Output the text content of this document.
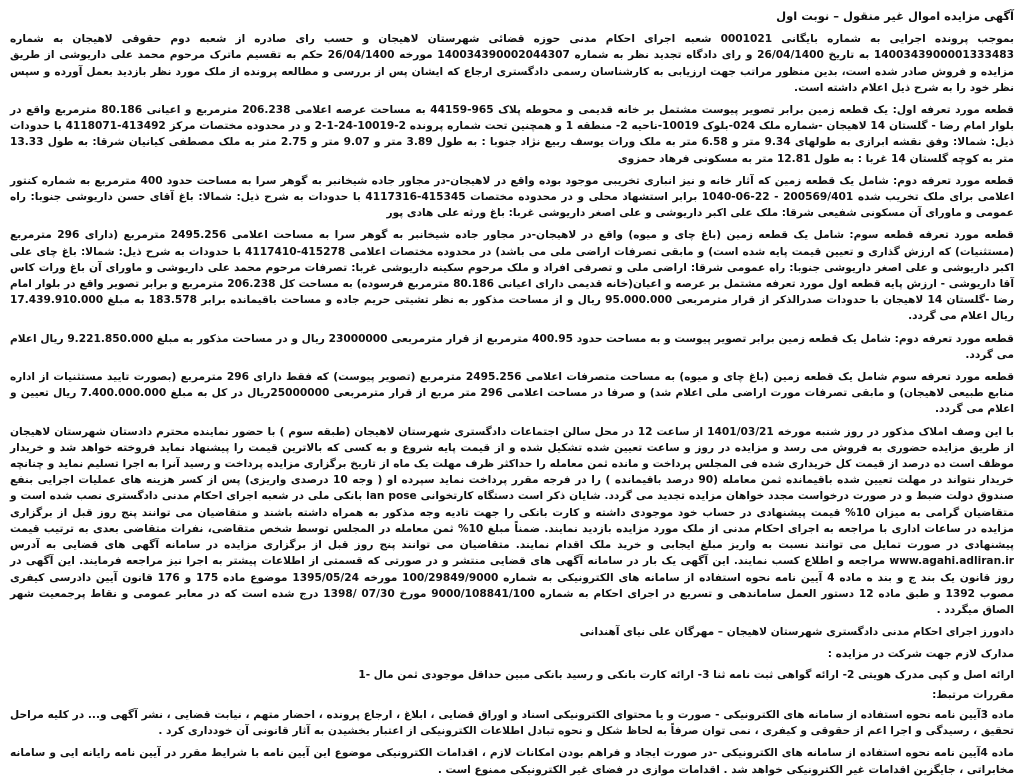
آگهی مزایده اموال غیر منقول – نوبت اول

بموجب پرونده اجرایی به شماره بایگانی 0001021 شعبه اجرای احکام مدنی حوزه قضائی شهرستان لاهیجان و حسب رای صادره از شعبه دوم حقوقی لاهیجان به شماره 1400343900001333483 به تاریخ 26/04/1400 و رای دادگاه تجدید نظر به شماره 140034390002044307 مورخه 26/04/1400 حکم به تقسیم ماترک مرحوم محمد علی داریوشی از طریق مزایده و فروش صادر شده است، بدین منظور مراتب جهت ارزیابی به کارشناسان رسمی دادگستری ارجاع که ایشان پس از بررسی و مطالعه پرونده از ملک مورد نظر بازدید بعمل آورده و سپس نظر خود را به شرح ذیل اعلام داشته است.

قطعه مورد تعرفه اول: یک قطعه زمین برابر تصویر پیوست مشتمل بر خانه قدیمی و محوطه پلاک 965-44159 به مساحت عرصه اعلامی 206.238 مترمربع و اعیانی 80.186 مترمربع واقع در بلوار امام رضا - گلستان 14 لاهیجان -شماره ملک 024-بلوک 10019-ناحیه 2- منطقه 1 و همچنین تحت شماره پرونده 2-10019-24-1-2 و در محدوده مختصات مرکز 413492-4118071 با حدودات ذیل: شمالا: وفق نقشه ابرازی به طولهای 9.34 متر و 6.58 متر به ملک ورات یوسف ربیع نژاد جنوبا : به طول 3.89 متر و 9.07 متر و 2.75 متر به ملک مصطفی کیانیان شرقا: به طول 13.33 متر به کوچه گلستان 14 غربا : به طول 12.81 متر به مسکونی فرهاد حمزوی

قطعه مورد تعرفه دوم: شامل یک قطعه زمین که آثار خانه و نیز انباری تخریبی موجود بوده واقع در لاهیجان-در مجاور جاده شیخانبر به گوهر سرا به مساحت حدود 400 مترمربع به شماره کنتور اعلامی برای ملک تخریب شده 200569/401 - 22-06-1040 برابر استشهاد محلی و در محدوده مختصات 415345-4117316 با حدودات به شرح ذیل: شمالا: باغ آقای حسن داریوشی جنوبا: راه عمومی و ماورای آن مسکونی شفیعی شرقا: ملک علی اکبر داریوشی و علی اصغر داریوشی غربا: باغ ورثه علی هادی پور

قطعه مورد تعرفه قطعه سوم: شامل یک قطعه زمین (باغ چای و میوه) واقع در لاهیجان-در مجاور جاده شیخانبر به گوهر سرا به مساحت اعلامی 2495.256 مترمربع (دارای 296 مترمربع (مستثنیات) که ارزش گذاری و تعیین قیمت پایه شده است) و مابقی تصرفات اراضی ملی می باشد) در محدوده مختصات اعلامی 415278-4117410 با حدودات به شرح ذیل: شمالا: باغ چای علی اکبر داریوشی و علی اصغر داریوشی جنوبا: راه عمومی شرقا: اراضی ملی و تصرفی افراد و ملک مرحوم سکینه داریوشی غربا: تصرفات مرحوم محمد علی داریوشی و ماورای آن باغ ورات کاس آقا داریوشی - ارزش پایه قطعه اول مورد تعرفه مشتمل بر عرصه و اعیان(خانه قدیمی دارای اعیانی 80.186 مترمربع فرسوده) به مساحت کل 206.238 مترمربع و برابر تصویر واقع در بلوار امام رضا -گلستان 14 لاهیجان با حدودات صدرالذکر از قرار مترمربعی 95.000.000 ریال و از مساحت مذکور به نظر تشیتی حریم جاده و مساحت باقیمانده برابر 183.578 به مبلغ 17.439.910.000 ریال اعلام می گردد.

قطعه مورد تعرفه دوم: شامل یک قطعه زمین برابر تصویر پیوست و به مساحت حدود 400.95 مترمربع از قرار مترمربعی 23000000 ریال و در مساحت مذکور به مبلغ 9.221.850.000 ریال اعلام می گردد.

قطعه مورد تعرفه سوم شامل یک قطعه زمین (باغ چای و میوه) به مساحت متصرفات اعلامی 2495.256 مترمربع (تصویر پیوست) که فقط دارای 296 مترمربع (بصورت تایید مستثنیات از اداره منابع طبیعی لاهیجان) و مابقی تصرفات مورت اراضی ملی اعلام شد) و صرفا در مساحت اعلامی 296 متر مربع از قرار مترمربعی 25000000ریال در کل به مبلغ 7.400.000.000 ریال تعیین و اعلام می گردد.

با این وصف املاک مذکور در روز شنبه مورخه 1401/03/21 از ساعت 12 در محل سالن اجتماعات دادگستری شهرستان لاهیجان (طبقه سوم ) با حضور نماینده محترم دادستان شهرستان لاهیجان از طریق مزایده حضوری به فروش می رسد و مزایده در روز و ساعت تعیین شده تشکیل شده و از قیمت پایه شروع و به کسی که بالاترین قیمت را پیشنهاد نماید فروخته خواهد شد و خریدار موظف است ده درصد از قیمت کل خریداری شده فی المجلس پرداخت و مانده ثمن معامله را حداکثر ظرف مهلت یک ماه از تاریخ برگزاری مزایده پرداخت و رسید آنرا به اجرا تسلیم نماید و چنانچه خریدار نتواند در مهلت تعیین شده باقیمانده ثمن معامله (90 درصد باقیمانده ) را در فرجه مقرر پرداخت نماید سپرده او ( وجه 10 درصدی واریزی) پس از کسر هزینه های عملیات اجرایی بنفع صندوق دولت ضبط و در صورت درخواست مجدد خواهان مزایده تجدید می گردد. شایان ذکر است دستگاه کارتخوانی lan pose بانکی ملی در شعبه اجرای احکام مدنی دادگستری نصب شده است و متقاضیان گرامی به میزان 10% قیمت پیشنهادی در حساب خود موجودی داشته و کارت بانکی را جهت تادیه وجه مذکور به همراه داشته باشند و متقاضیان می توانند پنج روز قبل از برگزاری مزایده در ساعات اداری با مراجعه به اجرای احکام مدنی از ملک مورد مزایده بازدید نمایند. ضمناً مبلغ 10% ثمن معامله در المجلس توسط شخص متقاضی، نفرات متقاضی بعدی به ترتیب قیمت پیشنهادی در صورت تمایل می توانند نسبت به واریز مبلغ ایجابی و خرید ملک اقدام نمایند. متقاضیان می توانند پنج روز قبل از برگزاری مزایده در سامانه آگهی های قضایی به آدرس www.agahi.adliran.ir مراجعه و اطلاع کسب نمایند. این آگهی یک بار در سامانه آگهی های قضایی منتشر و در صورتی که قسمتی از اطلاعات پیشتر به اجرا نیز مراجعه فرمایند. این آگهی در روز قانون یک بند ج و بند ه ماده 4 آیین نامه نحوه استفاده از سامانه های الکترونیکی به شماره 100/29849/9000 مورخه 1395/05/24 موضوع ماده 175 و 176 قانون آیین دادرسی کیفری مصوب 1392 و طبق ماده 12 دستور العمل ساماندهی و تسریع در اجرای احکام به شماره 9000/108841/100 مورخ 07/30 /1398 درج شده است که در معابر عمومی و نقاط پرجمعیت شهر الصاق میگردد .

دادورز اجرای احکام مدنی دادگستری شهرستان لاهیجان – مهرگان علی نیای آهندانی
مدارک لازم جهت شرکت در مزایده :
ارائه اصل و کپی مدرک هویتی 2- ارائه گواهی ثبت نامه ثنا 3- ارائه کارت بانکی و رسید بانکی مبین حداقل موجودی ثمن مال -1
مقررات مرتبط:

ماده 3آیین نامه نحوه استفاده از سامانه های الکترونیکی - صورت و یا محتوای الکترونیکی اسناد و اوراق قضایی ، ابلاغ ، ارجاع پرونده ، احضار متهم ، نیابت قضایی ، نشر آگهی و... در کلیه مراحل تحقیق ، رسیدگی و اجرا اعم از حقوقی و کیفری ، نمی توان صرفاً به لحاظ شکل و نحوه تبادل اطلاعات الکترونیکی از اعتبار بخشیدن به آثار قانونی آن خودداری کرد .

ماده 4آیین نامه نحوه استفاده از سامانه های الکترونیکی -در صورت ایجاد و فراهم بودن امکانات لازم ، اقدامات الکترونیکی موضوع این آیین نامه با شرایط مقرر در آیین نامه رایانه ایی و سامانه مخابراتی ، جایگزین اقدامات غیر الکترونیکی خواهد شد . اقدامات موازی در فضای غیر الکترونیکی ممنوع است .
